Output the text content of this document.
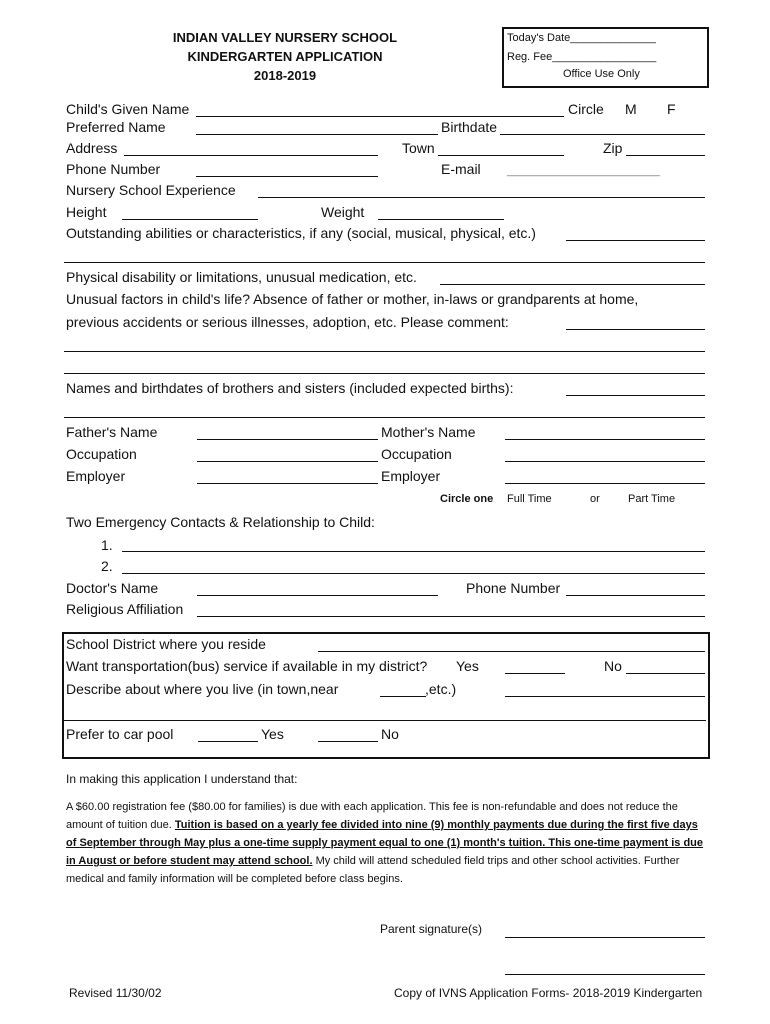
INDIAN VALLEY NURSERY SCHOOL
KINDERGARTEN APPLICATION
2018-2019
Today's Date______________
Reg. Fee_________________
Office Use Only
Child's Given Name	Circle M F
Preferred Name	Birthdate
Address	Town	Zip
Phone Number	E-mail _________________________
Nursery School Experience
Height	Weight
Outstanding abilities or characteristics, if any (social, musical, physical, etc.)
Physical disability or limitations, unusual medication, etc.
Unusual factors in child's life? Absence of father or mother, in-laws or grandparents at home,
previous accidents or serious illnesses, adoption, etc. Please comment:
Names and birthdates of brothers and sisters (included expected births):
Father's Name	Mother's Name
Occupation	Occupation
Employer	Employer
Circle one Full Time	or	Part Time
Two Emergency Contacts & Relationship to Child:
1.
2.
Doctor's Name	Phone Number
Religious Affiliation
School District where you reside
Want transportation(bus) service if available in my district? Yes	No
Describe about where you live (in town,near	,etc.)
Prefer to car pool	Yes	No
In making this application I understand that:
A $60.00 registration fee ($80.00 for families) is due with each application. This fee is non-refundable and does not reduce the amount of tuition due. Tuition is based on a yearly fee divided into nine (9) monthly payments due during the first five days of September through May plus a one-time supply payment equal to one (1) month's tuition. This one-time payment is due in August or before student may attend school. My child will attend scheduled field trips and other school activities. Further medical and family information will be completed before class begins.
Parent signature(s)
Revised 11/30/02	Copy of IVNS Application Forms- 2018-2019 Kindergarten
